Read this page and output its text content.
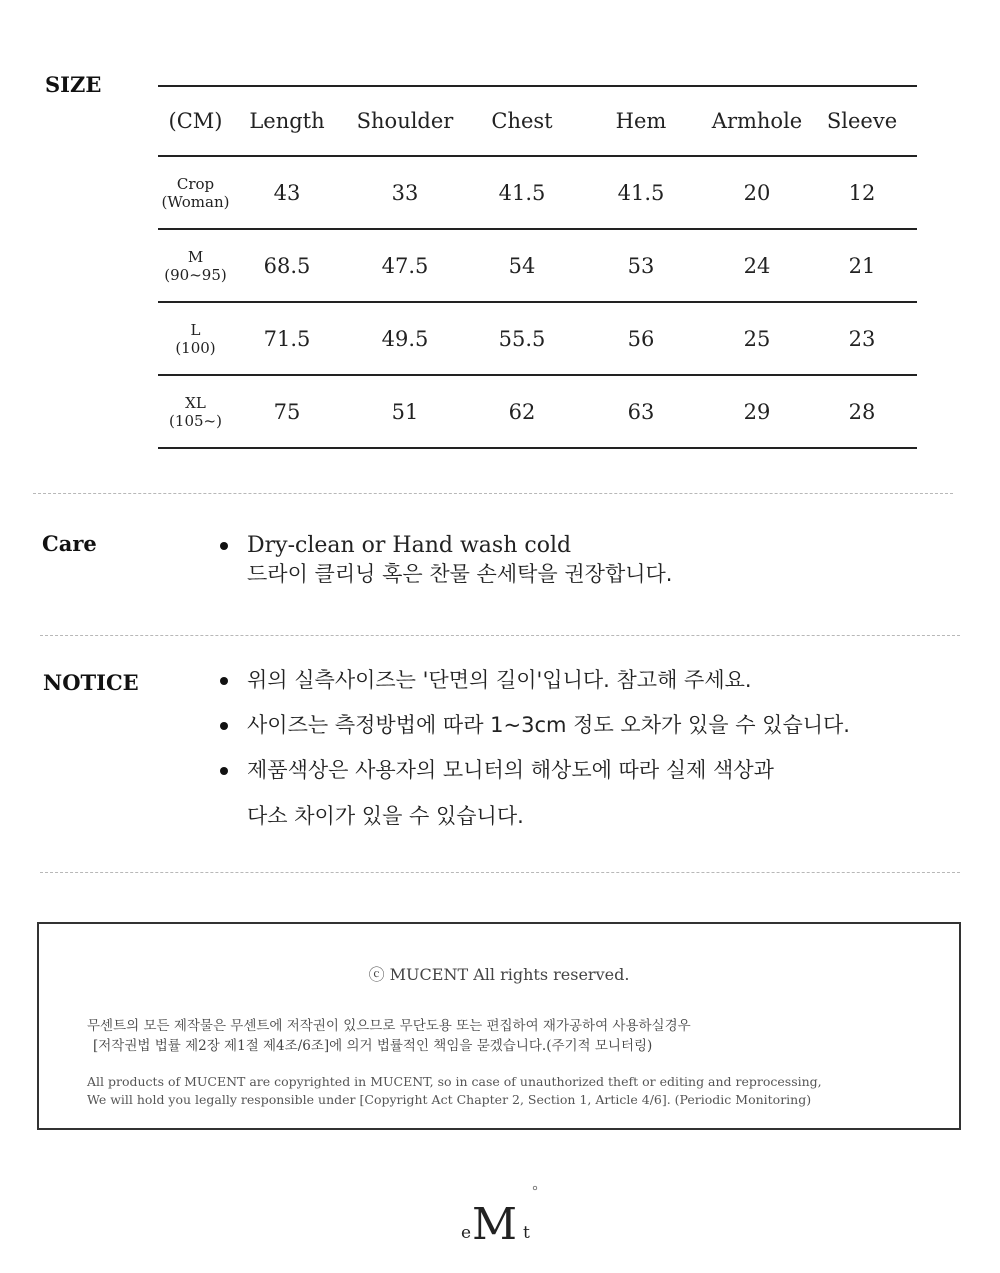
SIZE
(CM)	Length	Shoulder	Chest	Hem	Armhole	Sleeve
Crop
(Woman)	43	33	41.5	41.5	20	12
M
(90~95)	68.5	47.5	54	53	24	21
L
(100)	71.5	49.5	55.5	56	25	23
XL
(105~)	75	51	62	63	29	28
Care	Dry-clean or Hand wash cold
드라이 클리닝 혹은 찬물 손세탁을 권장합니다.
NOTICE	위의 실측사이즈는 '단면의 길이'입니다. 참고해 주세요.
사이즈는 측정방법에 따라 1~3cm 정도 오차가 있을 수 있습니다.
제품색상은 사용자의 모니터의 해상도에 따라 실제 색상과
다소 차이가 있을 수 있습니다.
ⓒ MUCENT All rights reserved.
무센트의 모든 제작물은 무센트에 저작권이 있으므로 무단도용 또는 편집하여 재가공하여 사용하실경우
[저작권법 법률 제2장 제1절 제4조/6조]에 의거 법률적인 책임을 묻겠습니다.(주기적 모니터링)
All products of MUCENT are copyrighted in MUCENT, so in case of unauthorized theft or editing and reprocessing,
We will hold you legally responsible under [Copyright Act Chapter 2, Section 1, Article 4/6]. (Periodic Monitoring)
e M t
